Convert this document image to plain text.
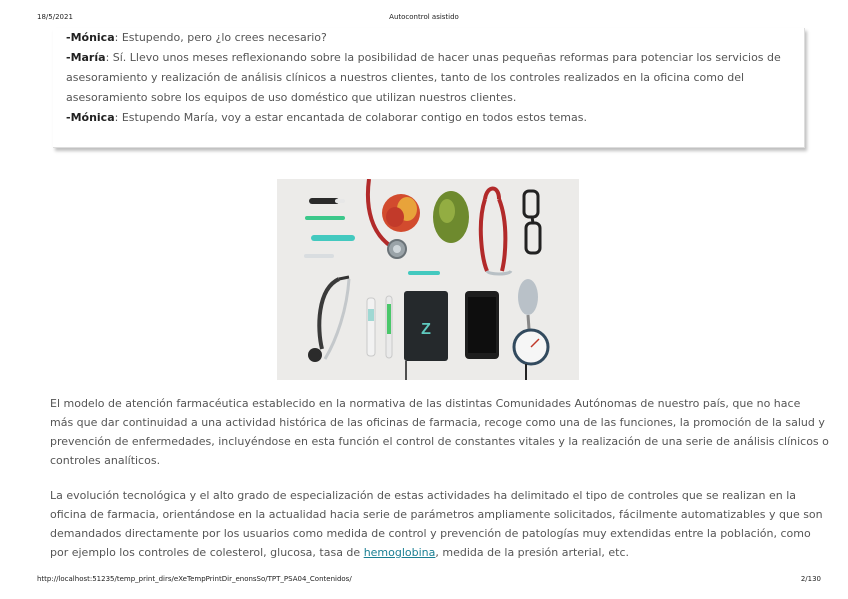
18/5/2021	Autocontrol asistido
-Mónica: Estupendo, pero ¿lo crees necesario?
-María: Sí. Llevo unos meses reflexionando sobre la posibilidad de hacer unas pequeñas reformas para potenciar los servicios de
asesoramiento y realización de análisis clínicos a nuestros clientes, tanto de los controles realizados en la oficina como del
asesoramiento sobre los equipos de uso doméstico que utilizan nuestros clientes.
-Mónica: Estupendo María, voy a estar encantada de colaborar contigo en todos estos temas.
Z
El modelo de atención farmacéutica establecido en la normativa de las distintas Comunidades Autónomas de nuestro país, que no hace
más que dar continuidad a una actividad histórica de las oficinas de farmacia, recoge como una de las funciones, la promoción de la salud y
prevención de enfermedades, incluyéndose en esta función el control de constantes vitales y la realización de una serie de análisis clínicos o
controles analíticos.
La evolución tecnológica y el alto grado de especialización de estas actividades ha delimitado el tipo de controles que se realizan en la
oficina de farmacia, orientándose en la actualidad hacia serie de parámetros ampliamente solicitados, fácilmente automatizables y que son
demandados directamente por los usuarios como medida de control y prevención de patologías muy extendidas entre la población, como
por ejemplo los controles de colesterol, glucosa, tasa de hemoglobina, medida de la presión arterial, etc.
http://localhost:51235/temp_print_dirs/eXeTempPrintDir_enonsSo/TPT_PSA04_Contenidos/	2/130
